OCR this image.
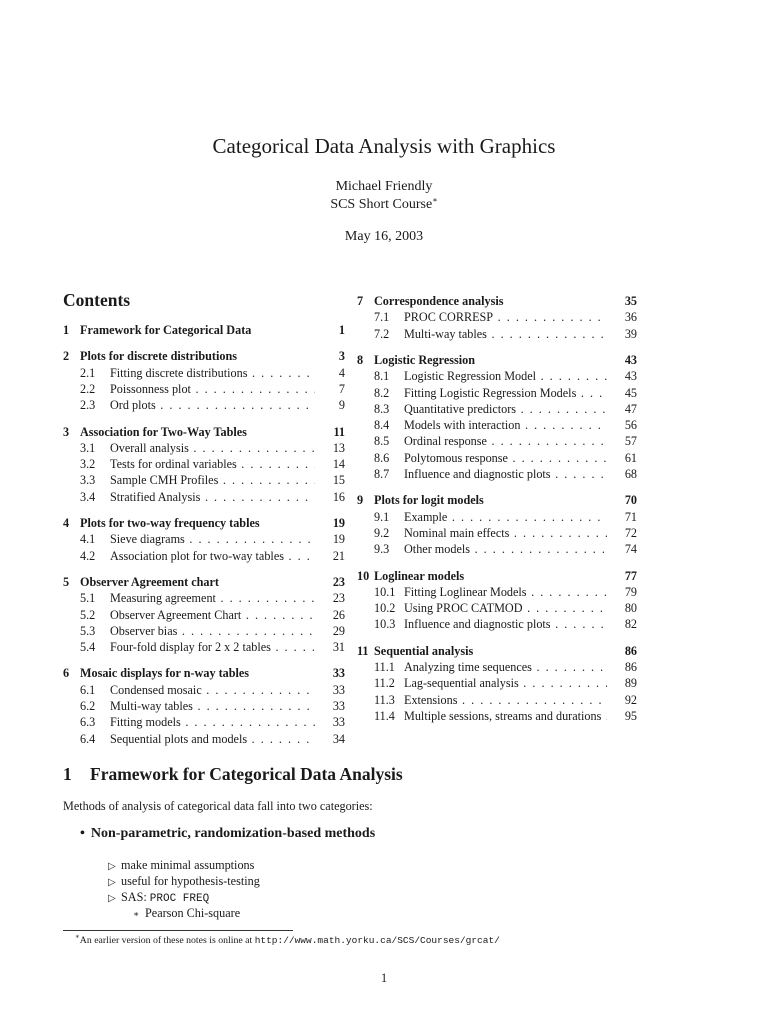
Categorical Data Analysis with Graphics
Michael Friendly
SCS Short Course∗
May 16, 2003
Contents
1 Framework for Categorical Data	1
2 Plots for discrete distributions	3
2.1 Fitting discrete distributions . . .	4
2.2 Poissonness plot . . .	7
2.3 Ord plots . . .	9
3 Association for Two-Way Tables	11
3.1 Overall analysis . . .	13
3.2 Tests for ordinal variables . . .	14
3.3 Sample CMH Profiles . . .	15
3.4 Stratified Analysis . . .	16
4 Plots for two-way frequency tables	19
4.1 Sieve diagrams . . .	19
4.2 Association plot for two-way tables . . .	21
5 Observer Agreement chart	23
5.1 Measuring agreement . . .	23
5.2 Observer Agreement Chart . . .	26
5.3 Observer bias . . .	29
5.4 Four-fold display for 2 x 2 tables . . .	31
6 Mosaic displays for n-way tables	33
6.1 Condensed mosaic . . .	33
6.2 Multi-way tables . . .	33
6.3 Fitting models . . .	33
6.4 Sequential plots and models . . .	34
7 Correspondence analysis	35
7.1 PROC CORRESP . . .	36
7.2 Multi-way tables . . .	39
8 Logistic Regression	43
8.1 Logistic Regression Model . . .	43
8.2 Fitting Logistic Regression Models . . .	45
8.3 Quantitative predictors . . .	47
8.4 Models with interaction . . .	56
8.5 Ordinal response . . .	57
8.6 Polytomous response . . .	61
8.7 Influence and diagnostic plots . . .	68
9 Plots for logit models	70
9.1 Example . . .	71
9.2 Nominal main effects . . .	72
9.3 Other models . . .	74
10 Loglinear models	77
10.1 Fitting Loglinear Models . . .	79
10.2 Using PROC CATMOD . . .	80
10.3 Influence and diagnostic plots . . .	82
11 Sequential analysis	86
11.1 Analyzing time sequences . . .	86
11.2 Lag-sequential analysis . . .	89
11.3 Extensions . . .	92
11.4 Multiple sessions, streams and durations . . .	95
1 Framework for Categorical Data Analysis
Methods of analysis of categorical data fall into two categories:
• Non-parametric, randomization-based methods
▷ make minimal assumptions
▷ useful for hypothesis-testing
▷ SAS: PROC FREQ
∗ Pearson Chi-square
∗An earlier version of these notes is online at http://www.math.yorku.ca/SCS/Courses/grcat/
1
